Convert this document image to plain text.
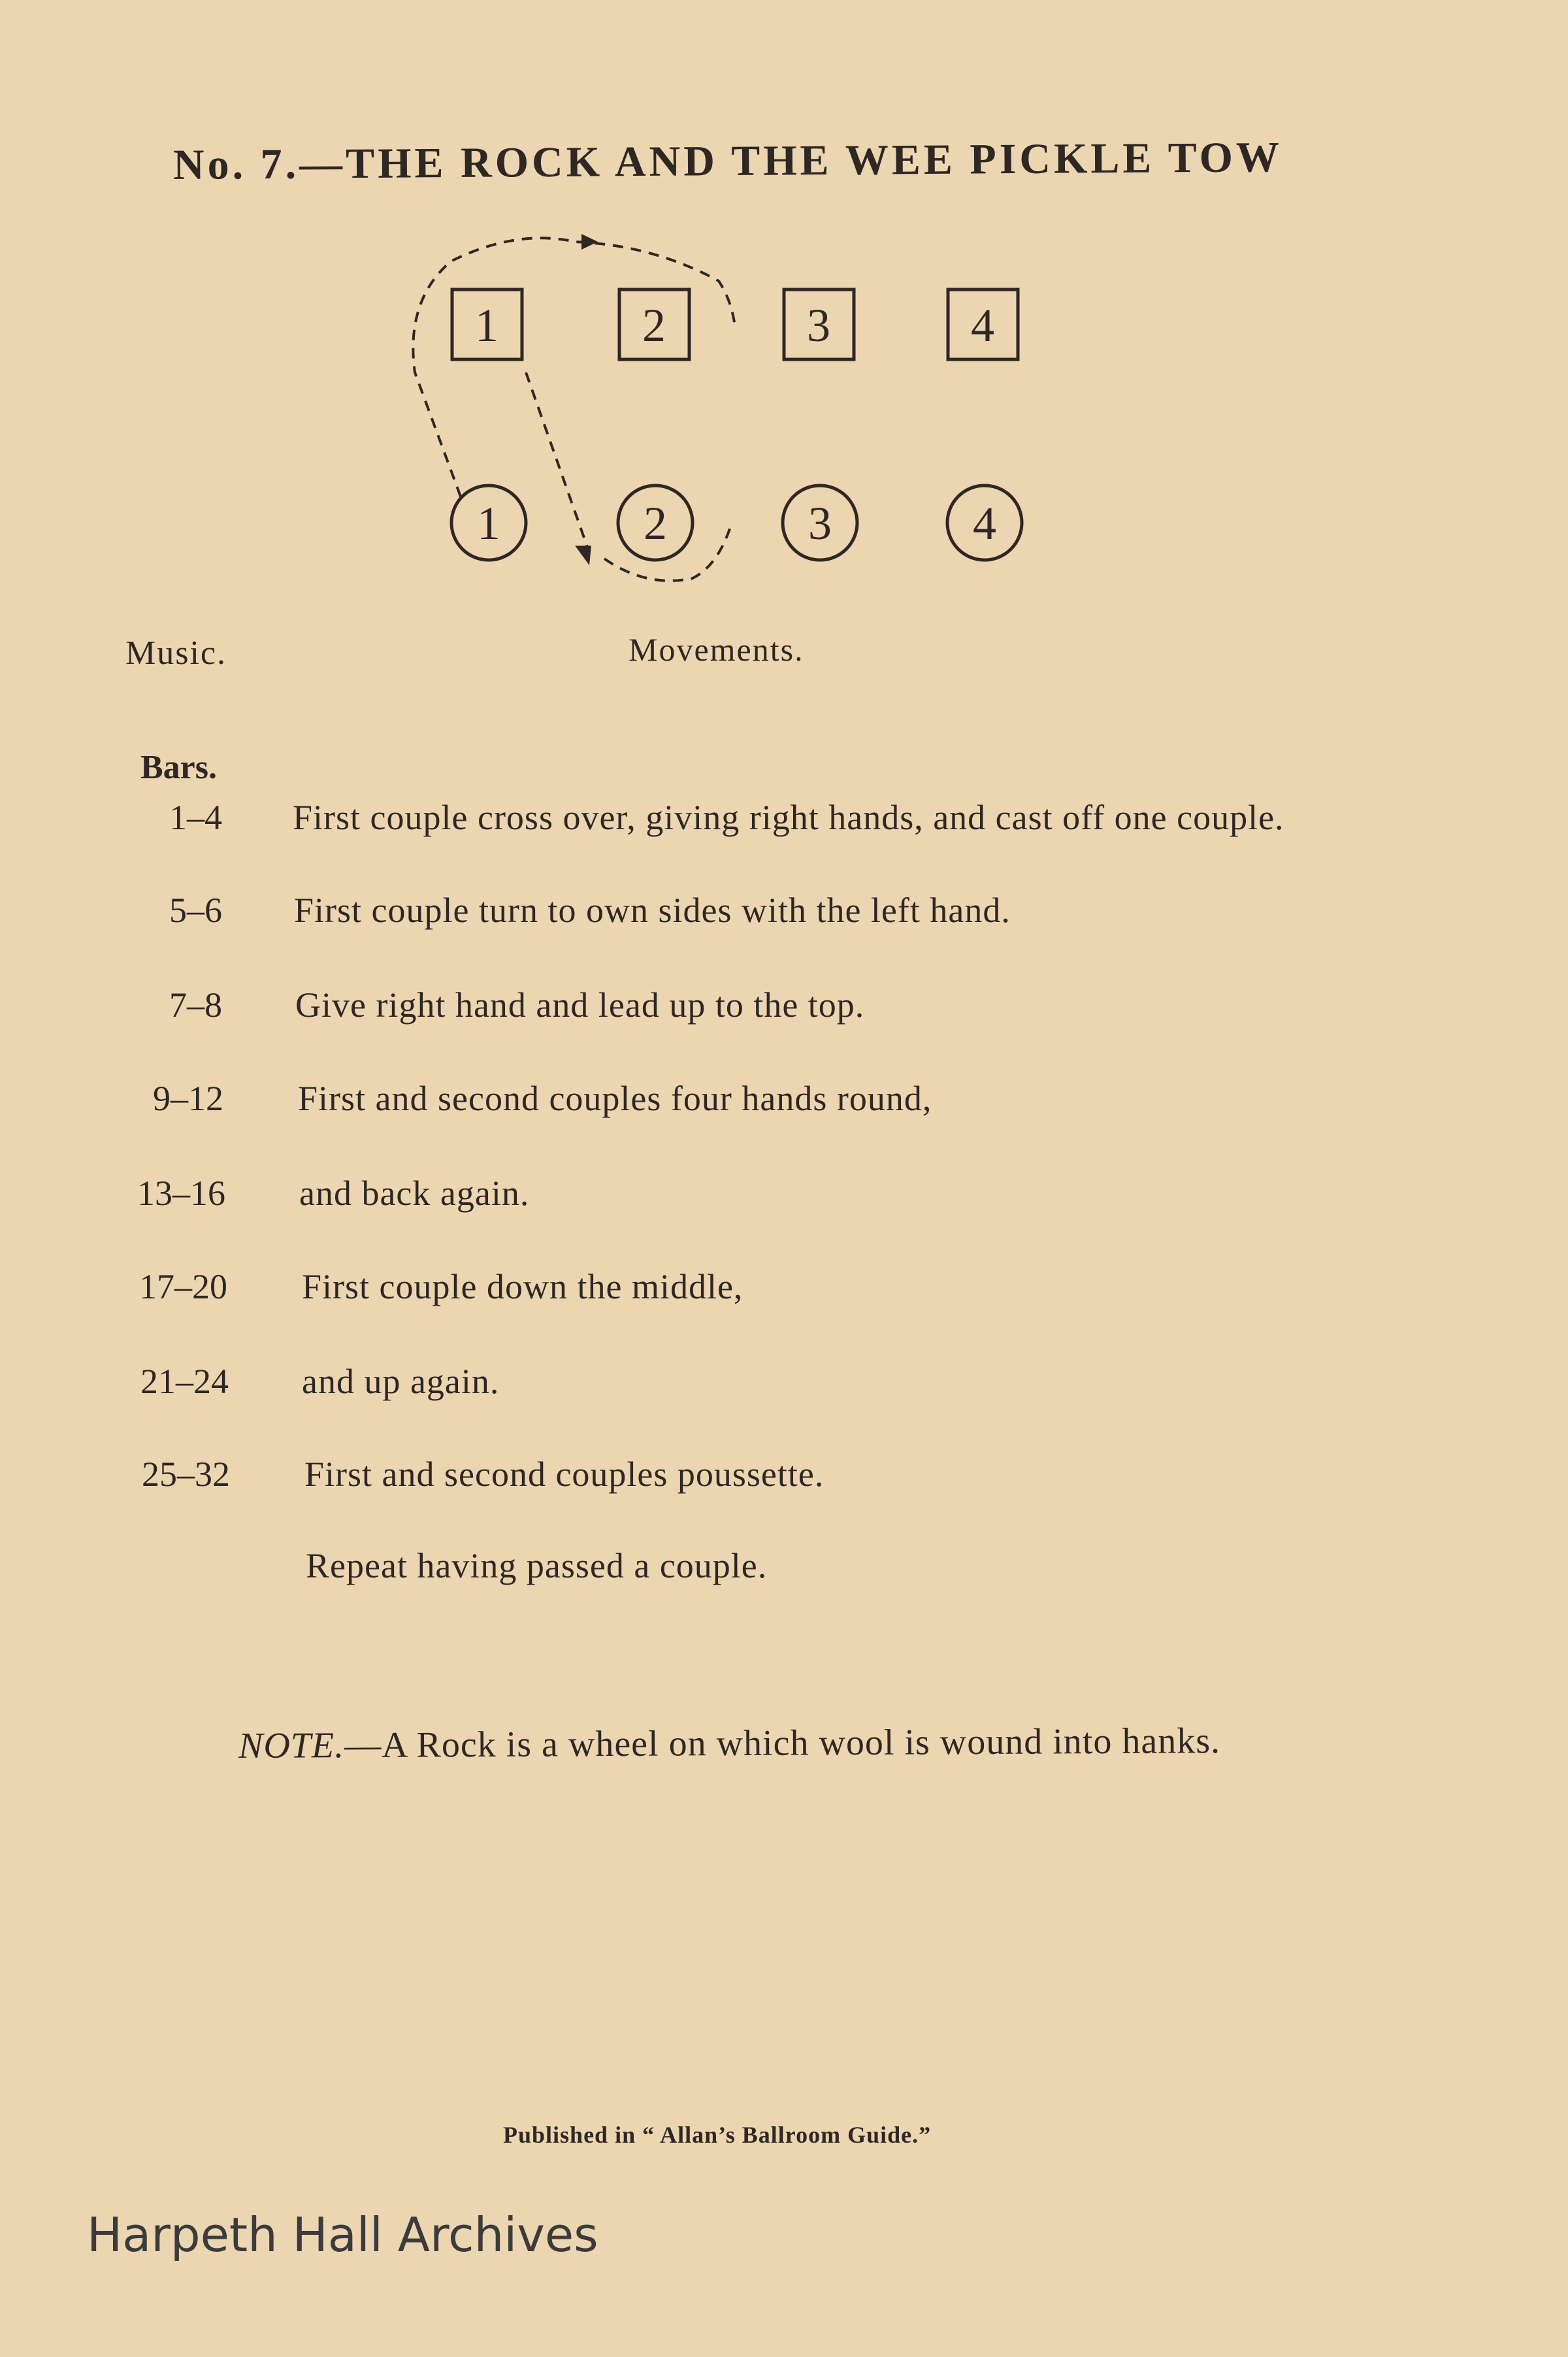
No. 7.—THE ROCK AND THE WEE PICKLE TOW
1	2	3	4
1	2	3	4
Music.	Movements.
Bars.
1–4 First couple cross over, giving right hands, and cast off one couple.
5–6 First couple turn to own sides with the left hand.
7–8 Give right hand and lead up to the top.
9–12 First and second couples four hands round,
13–16 and back again.
17–20 First couple down the middle,
21–24 and up again.
25–32 First and second couples poussette.
Repeat having passed a couple.
NOTE.—A Rock is a wheel on which wool is wound into hanks.
Published in “ Allan’s Ballroom Guide.”
Harpeth Hall Archives
